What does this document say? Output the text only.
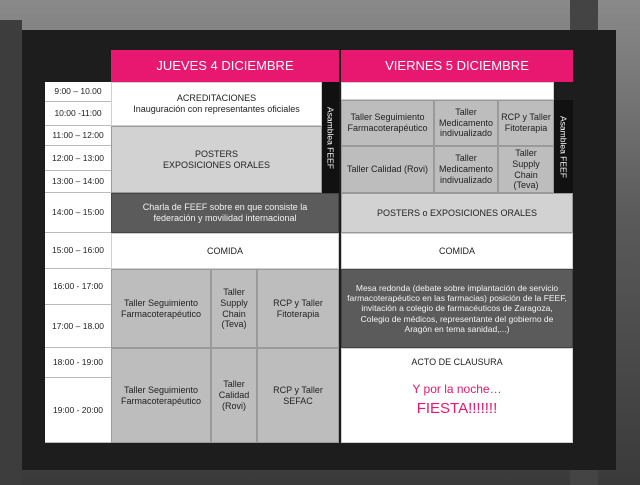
JUEVES 4 DICIEMBRE	VIERNES 5 DICIEMBRE
9:00 – 10.00
10:00 -11:00
11:00 – 12:00
12:00 – 13:00
13:00 – 14:00
14:00 – 15:00
15:00 – 16:00
16:00 - 17:00
17:00 – 18.00
18:00 - 19:00
19:00 - 20:00
ACREDITACIONES
Inauguración con representantes oficiales
POSTERS
EXPOSICIONES ORALES	Asamblea FEEF
Charla de FEEF sobre en que consiste la federación y movilidad internacional
COMIDA
Taller Seguimiento Farmacoterapéutico
Taller Supply Chain (Teva)
RCP y Taller Fitoterapia
Taller Seguimiento Farmacoterapéutico
Taller Calidad (Rovi)
RCP y Taller SEFAC
Taller Seguimiento Farmacoterapéutico
Taller Medicamento indivualizado
RCP y Taller Fitoterapia
Taller Calidad (Rovi)
Taller Medicamento indivualizado
Taller Supply Chain (Teva)
Asamblea FEEF
POSTERS o EXPOSICIONES ORALES
COMIDA
Mesa redonda (debate sobre implantación de servicio farmacoterapéutico en las farmacias) posición de la FEEF, invitación a colegio de farmacéuticos de Zaragoza, Colegio de médicos, representante del gobierno de Aragón en tema sanidad,...)
ACTO DE CLAUSURA
Y por la noche…
FIESTA!!!!!!!
